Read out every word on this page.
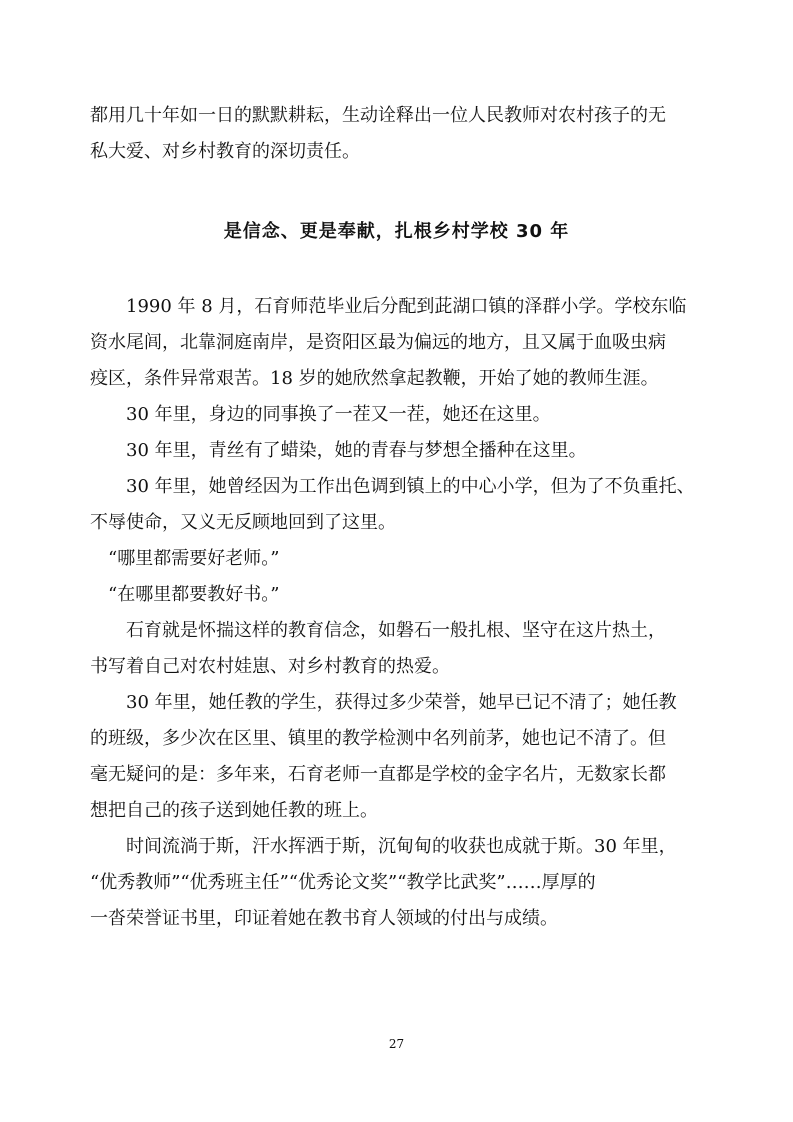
都用几十年如一日的默默耕耘，生动诠释出一位人民教师对农村孩子的无
私大爱、对乡村教育的深切责任。
是信念、更是奉献，扎根乡村学校 30 年
　　1990 年 8 月，石育师范毕业后分配到茈湖口镇的泽群小学。学校东临
资水尾闾，北靠洞庭南岸，是资阳区最为偏远的地方，且又属于血吸虫病
疫区，条件异常艰苦。18 岁的她欣然拿起教鞭，开始了她的教师生涯。
　　30 年里，身边的同事换了一茬又一茬，她还在这里。
　　30 年里，青丝有了蜡染，她的青春与梦想全播种在这里。
　　30 年里，她曾经因为工作出色调到镇上的中心小学，但为了不负重托、
不辱使命，又义无反顾地回到了这里。
　“哪里都需要好老师。”
　“在哪里都要教好书。”
　　石育就是怀揣这样的教育信念，如磐石一般扎根、坚守在这片热土，
书写着自己对农村娃崽、对乡村教育的热爱。
　　30 年里，她任教的学生，获得过多少荣誉，她早已记不清了；她任教
的班级，多少次在区里、镇里的教学检测中名列前茅，她也记不清了。但
毫无疑问的是：多年来，石育老师一直都是学校的金字名片，无数家长都
想把自己的孩子送到她任教的班上。
　　时间流淌于斯，汗水挥洒于斯，沉甸甸的收获也成就于斯。30 年里，
“优秀教师”“优秀班主任”“优秀论文奖”“教学比武奖”……厚厚的
一沓荣誉证书里，印证着她在教书育人领域的付出与成绩。
27
